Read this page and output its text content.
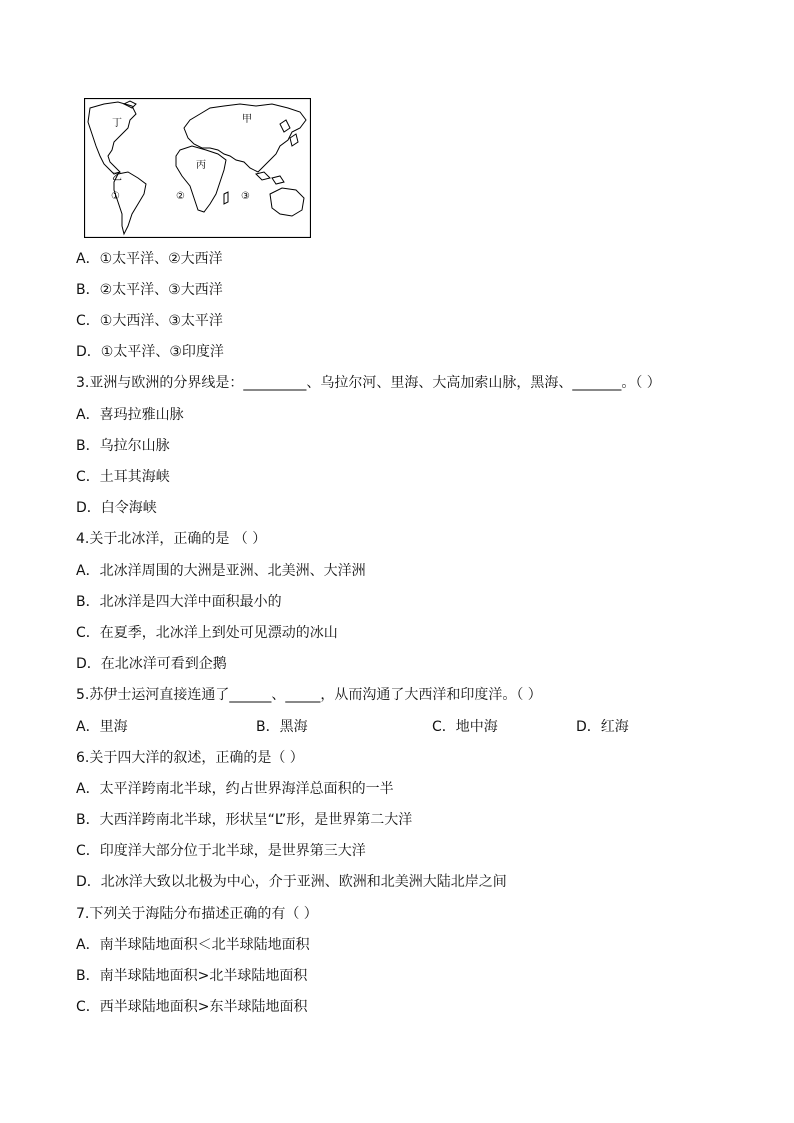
丁	甲
丙
乙
①	②	③
A．①太平洋、②大西洋
B．②太平洋、③大西洋
C．①大西洋、③太平洋
D．①太平洋、③印度洋
3.亚洲与欧洲的分界线是：_________、乌拉尔河、里海、大高加索山脉，黑海、_______。（ ）
A．喜玛拉雅山脉
B．乌拉尔山脉
C．土耳其海峡
D．白令海峡
4.关于北冰洋，正确的是 （ ）
A．北冰洋周围的大洲是亚洲、北美洲、大洋洲
B．北冰洋是四大洋中面积最小的
C．在夏季，北冰洋上到处可见漂动的冰山
D．在北冰洋可看到企鹅
5.苏伊士运河直接连通了______、_____，从而沟通了大西洋和印度洋。（ ）
A．里海	B．黑海	C．地中海	D．红海
6.关于四大洋的叙述，正确的是（ ）
A．太平洋跨南北半球，约占世界海洋总面积的一半
B．大西洋跨南北半球，形状呈“L”形，是世界第二大洋
C．印度洋大部分位于北半球，是世界第三大洋
D．北冰洋大致以北极为中心，介于亚洲、欧洲和北美洲大陆北岸之间
7.下列关于海陆分布描述正确的有（ ）
A．南半球陆地面积＜北半球陆地面积
B．南半球陆地面积>北半球陆地面积
C．西半球陆地面积>东半球陆地面积
